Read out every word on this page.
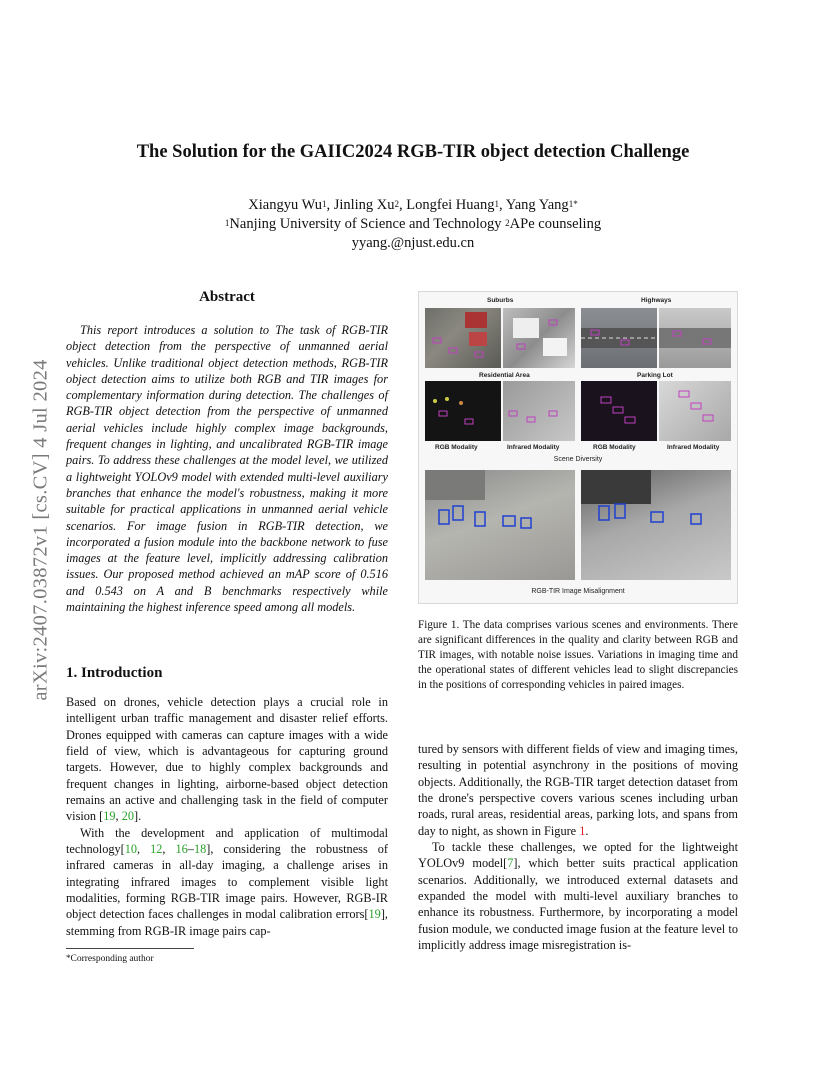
arXiv:2407.03872v1 [cs.CV] 4 Jul 2024
The Solution for the GAIIC2024 RGB-TIR object detection Challenge
Xiangyu Wu$^1$, Jinling Xu$^2$, Longfei Huang$^1$, Yang Yang$^{1*}$
$^1$Nanjing University of Science and Technology $^2$APe counseling
yyang.@njust.edu.cn
Abstract
This report introduces a solution to The task of RGB-TIR object detection from the perspective of unmanned aerial vehicles. Unlike traditional object detection methods, RGB-TIR object detection aims to utilize both RGB and TIR images for complementary information during detection. The challenges of RGB-TIR object detection from the perspective of unmanned aerial vehicles include highly complex image backgrounds, frequent changes in lighting, and uncalibrated RGB-TIR image pairs. To address these challenges at the model level, we utilized a lightweight YOLOv9 model with extended multi-level auxiliary branches that enhance the model's robustness, making it more suitable for practical applications in unmanned aerial vehicle scenarios. For image fusion in RGB-TIR detection, we incorporated a fusion module into the backbone network to fuse images at the feature level, implicitly addressing calibration issues. Our proposed method achieved an mAP score of 0.516 and 0.543 on A and B benchmarks respectively while maintaining the highest inference speed among all models.
1. Introduction

Based on drones, vehicle detection plays a crucial role in intelligent urban traffic management and disaster relief efforts. Drones equipped with cameras can capture images with a wide field of view, which is advantageous for capturing ground targets. However, due to highly complex backgrounds and frequent changes in lighting, airborne-based object detection remains an active and challenging task in the field of computer vision [19, 20].

With the development and application of multimodal technology[10, 12, 16–18], considering the robustness of infrared cameras in all-day imaging, a challenge arises in integrating infrared images to complement visible light modalities, forming RGB-TIR image pairs. However, RGB-IR object detection faces challenges in modal calibration errors[19], stemming from RGB-IR image pairs cap-

*Corresponding author
Suburbs	Highways
Residential Area	Parking Lot
RGB Modality	Infrared Modality	RGB Modality	Infrared Modality
Scene Diversity
RGB-TIR Image Misalignment
Figure 1. The data comprises various scenes and environments. There are significant differences in the quality and clarity between RGB and TIR images, with notable noise issues. Variations in imaging time and the operational states of different vehicles lead to slight discrepancies in the positions of corresponding vehicles in paired images.

tured by sensors with different fields of view and imaging times, resulting in potential asynchrony in the positions of moving objects. Additionally, the RGB-TIR target detection dataset from the drone's perspective covers various scenes including urban roads, rural areas, residential areas, parking lots, and spans from day to night, as shown in Figure 1.

To tackle these challenges, we opted for the lightweight YOLOv9 model[7], which better suits practical application scenarios. Additionally, we introduced external datasets and expanded the model with multi-level auxiliary branches to enhance its robustness. Furthermore, by incorporating a model fusion module, we conducted image fusion at the feature level to implicitly address image misregistration is-
